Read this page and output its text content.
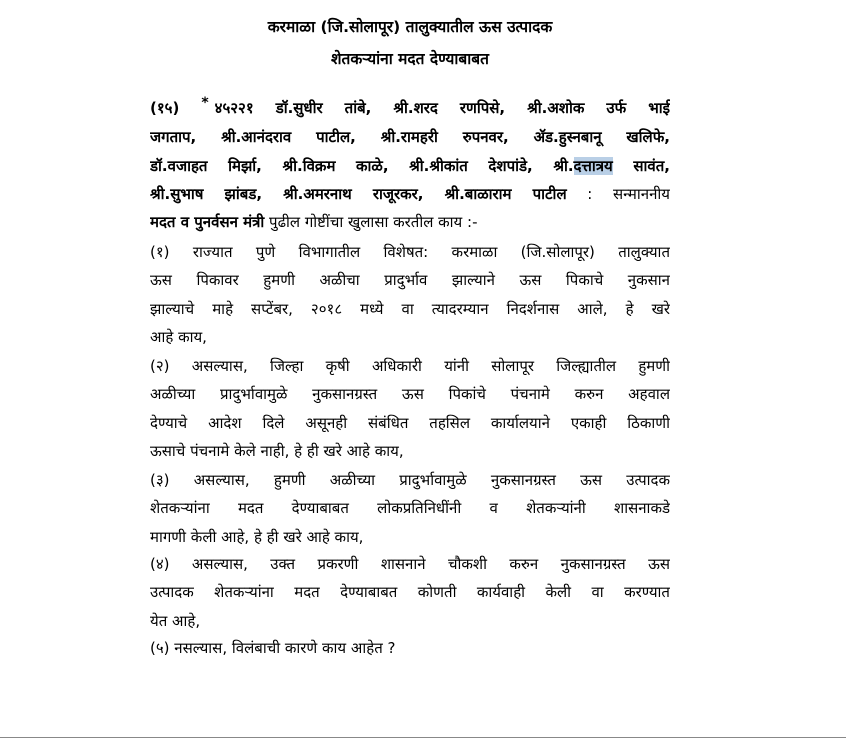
करमाळा (जि.सोलापूर) तालुक्यातील ऊस उत्पादक
शेतकऱ्यांना मदत देण्याबाबत
(१५) * ४५२२१ डॉ.सुधीर तांबे, श्री.शरद रणपिसे, श्री.अशोक उर्फ भाई
जगताप, श्री.आनंदराव पाटील, श्री.रामहरी रुपनवर, ॲड.हुस्नबानू खलिफे,
डॉ.वजाहत मिर्झा, श्री.विक्रम काळे, श्री.श्रीकांत देशपांडे, श्री.दत्तात्रय सावंत,
श्री.सुभाष झांबड, श्री.अमरनाथ राजूरकर, श्री.बाळाराम पाटील : सन्माननीय
मदत व पुनर्वसन मंत्री पुढील गोष्टींचा खुलासा करतील काय :-
(१) राज्यात पुणे विभागातील विशेषत: करमाळा (जि.सोलापूर) तालुक्यात
ऊस पिकावर हुमणी अळीचा प्रादुर्भाव झाल्याने ऊस पिकाचे नुकसान
झाल्याचे माहे सप्टेंबर, २०१८ मध्ये वा त्यादरम्यान निदर्शनास आले, हे खरे
आहे काय,
(२) असल्यास, जिल्हा कृषी अधिकारी यांनी सोलापूर जिल्ह्यातील हुमणी
अळीच्या प्रादुर्भावामुळे नुकसानग्रस्त ऊस पिकांचे पंचनामे करुन अहवाल
देण्याचे आदेश दिले असूनही संबंधित तहसिल कार्यालयाने एकाही ठिकाणी
ऊसाचे पंचनामे केले नाही, हे ही खरे आहे काय,
(३) असल्यास, हुमणी अळीच्या प्रादुर्भावामुळे नुकसानग्रस्त ऊस उत्पादक
शेतकऱ्यांना मदत देण्याबाबत लोकप्रतिनिधींनी व शेतकऱ्यांनी शासनाकडे
मागणी केली आहे, हे ही खरे आहे काय,
(४) असल्यास, उक्त प्रकरणी शासनाने चौकशी करुन नुकसानग्रस्त ऊस
उत्पादक शेतकऱ्यांना मदत देण्याबाबत कोणती कार्यवाही केली वा करण्यात
येत आहे,
(५) नसल्यास, विलंबाची कारणे काय आहेत ?
